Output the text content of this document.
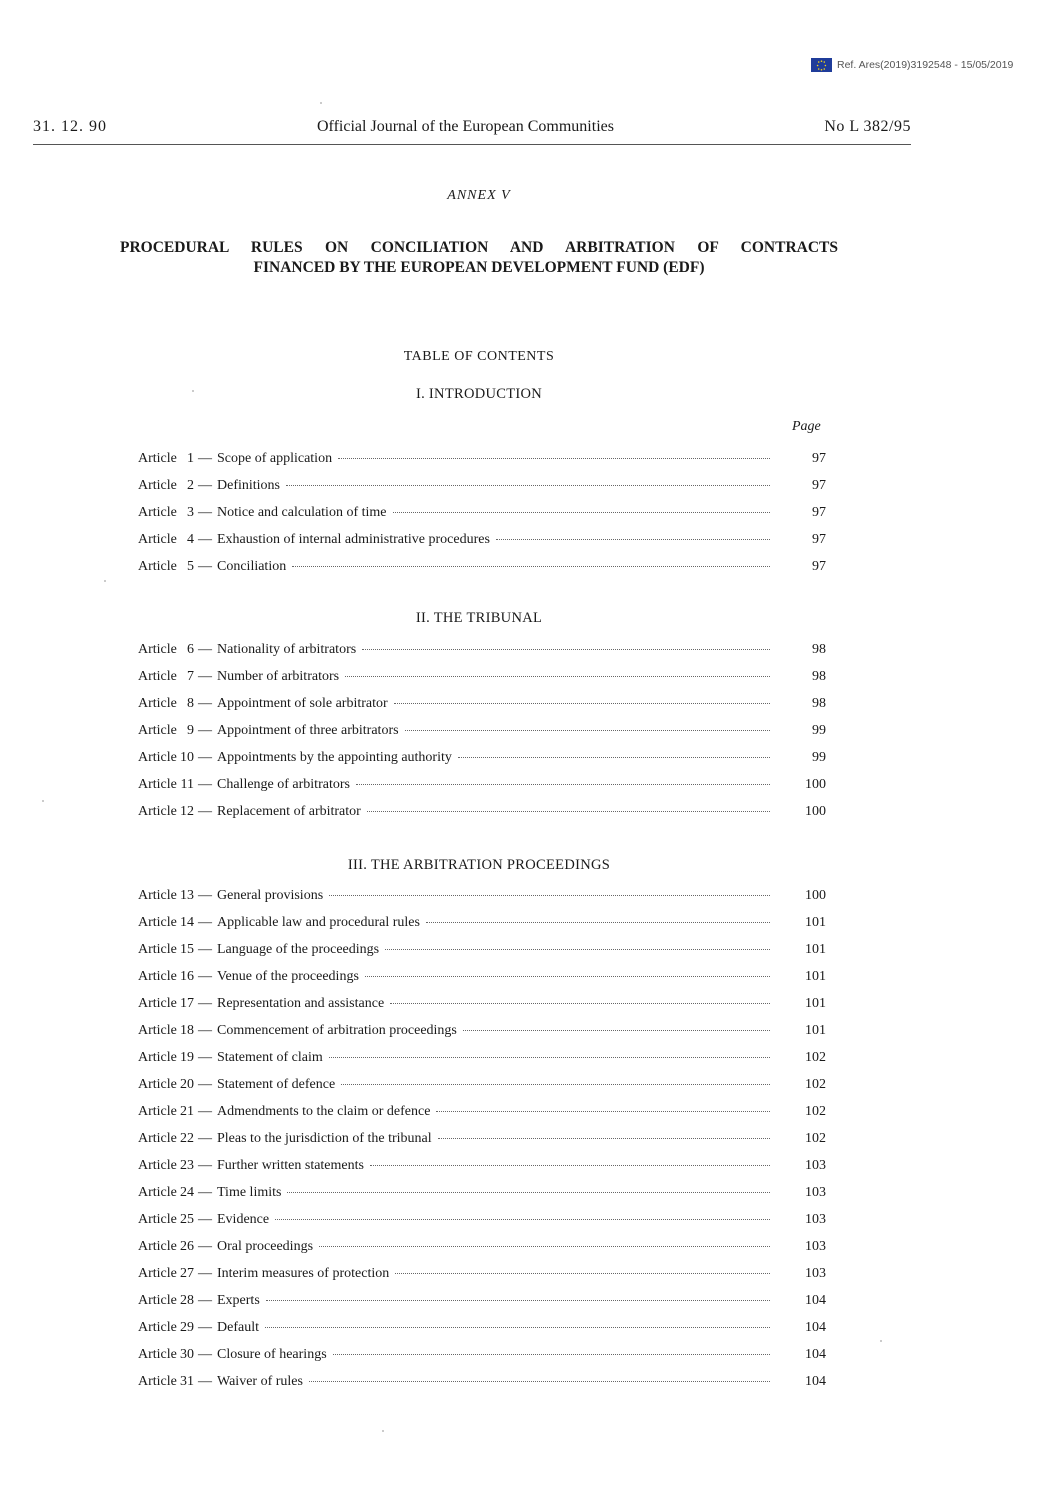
Ref. Ares(2019)3192548 - 15/05/2019
31. 12. 90	Official Journal of the European Communities	No L 382/95
ANNEX V
PROCEDURAL RULES ON CONCILIATION AND ARBITRATION OF CONTRACTS
FINANCED BY THE EUROPEAN DEVELOPMENT FUND (EDF)
TABLE OF CONTENTS
I. INTRODUCTION
Page
Article 1 — Scope of application	97
Article 2 — Definitions	97
Article 3 — Notice and calculation of time	97
Article 4 — Exhaustion of internal administrative procedures	97
Article 5 — Conciliation	97
II. THE TRIBUNAL
Article 6 — Nationality of arbitrators	98
Article 7 — Number of arbitrators	98
Article 8 — Appointment of sole arbitrator	98
Article 9 — Appointment of three arbitrators	99
Article 10 — Appointments by the appointing authority	99
Article 11 — Challenge of arbitrators	100
Article 12 — Replacement of arbitrator	100
III. THE ARBITRATION PROCEEDINGS
Article 13 — General provisions	100
Article 14 — Applicable law and procedural rules	101
Article 15 — Language of the proceedings	101
Article 16 — Venue of the proceedings	101
Article 17 — Representation and assistance	101
Article 18 — Commencement of arbitration proceedings	101
Article 19 — Statement of claim	102
Article 20 — Statement of defence	102
Article 21 — Admendments to the claim or defence	102
Article 22 — Pleas to the jurisdiction of the tribunal	102
Article 23 — Further written statements	103
Article 24 — Time limits	103
Article 25 — Evidence	103
Article 26 — Oral proceedings	103
Article 27 — Interim measures of protection	103
Article 28 — Experts	104
Article 29 — Default	104
Article 30 — Closure of hearings	104
Article 31 — Waiver of rules	104
